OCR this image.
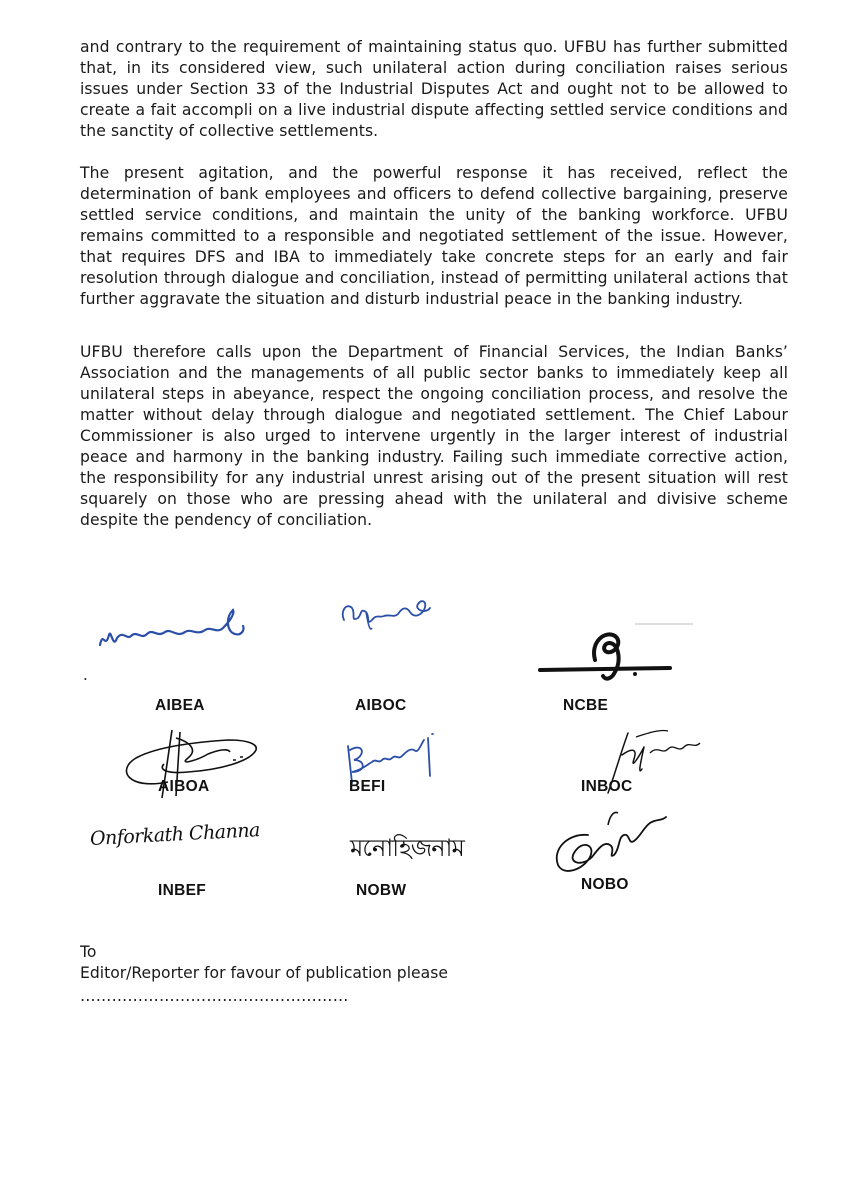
and contrary to the requirement of maintaining status quo. UFBU has further submitted that, in its considered view, such unilateral action during conciliation raises serious issues under Section 33 of the Industrial Disputes Act and ought not to be allowed to create a fait accompli on a live industrial dispute affecting settled service conditions and the sanctity of collective settlements.

The present agitation, and the powerful response it has received, reflect the determination of bank employees and officers to defend collective bargaining, preserve settled service conditions, and maintain the unity of the banking workforce. UFBU remains committed to a responsible and negotiated settlement of the issue. However, that requires DFS and IBA to immediately take concrete steps for an early and fair resolution through dialogue and conciliation, instead of permitting unilateral actions that further aggravate the situation and disturb industrial peace in the banking industry.

UFBU therefore calls upon the Department of Financial Services, the Indian Banks’ Association and the managements of all public sector banks to immediately keep all unilateral steps in abeyance, respect the ongoing conciliation process, and resolve the matter without delay through dialogue and negotiated settlement. The Chief Labour Commissioner is also urged to intervene urgently in the larger interest of industrial peace and harmony in the banking industry. Failing such immediate corrective action, the responsibility for any industrial unrest arising out of the present situation will rest squarely on those who are pressing ahead with the unilateral and divisive scheme despite the pendency of conciliation.

.
AIBEA	AIBOC	NCBE
AIBOA	BEFI	INBOC
Onforkath Channa	মনোহিজনাম
INBEF	NOBW	NOBO
To
Editor/Reporter for favour of publication please
……………………………………………
